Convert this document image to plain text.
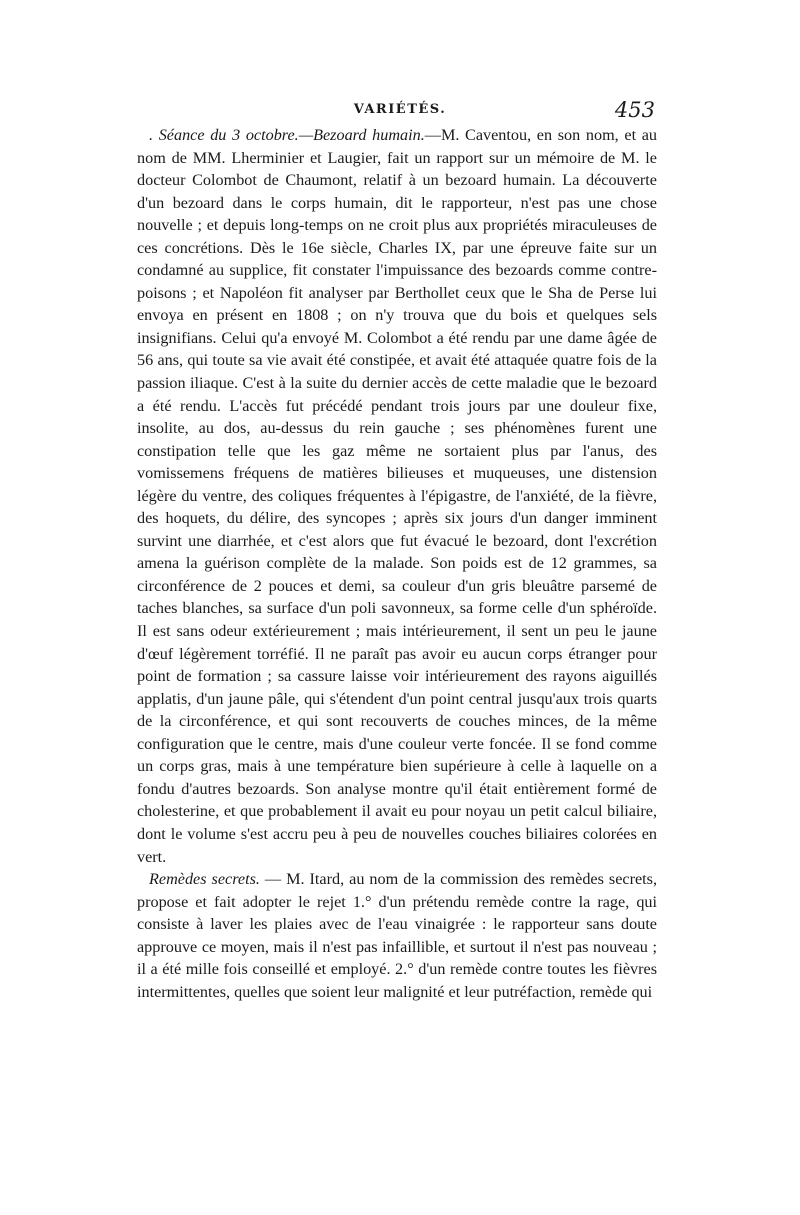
VARIÉTÉS.	453

. Séance du 3 octobre.—Bezoard humain.—M. Caventou, en son nom, et au nom de MM. Lherminier et Laugier, fait un rapport sur un mémoire de M. le docteur Colombot de Chaumont, relatif à un bezoard humain. La découverte d'un bezoard dans le corps humain, dit le rapporteur, n'est pas une chose nouvelle ; et depuis long-temps on ne croit plus aux propriétés miraculeuses de ces concrétions. Dès le 16e siècle, Charles IX, par une épreuve faite sur un condamné au supplice, fit constater l'impuissance des bezoards comme contre-poisons ; et Napoléon fit analyser par Berthollet ceux que le Sha de Perse lui envoya en présent en 1808 ; on n'y trouva que du bois et quelques sels insignifians. Celui qu'a envoyé M. Colombot a été rendu par une dame âgée de 56 ans, qui toute sa vie avait été constipée, et avait été attaquée quatre fois de la passion iliaque. C'est à la suite du dernier accès de cette maladie que le bezoard a été rendu. L'accès fut précédé pendant trois jours par une douleur fixe, insolite, au dos, au-dessus du rein gauche ; ses phénomènes furent une constipation telle que les gaz même ne sortaient plus par l'anus, des vomissemens fréquens de matières bilieuses et muqueuses, une distension légère du ventre, des coliques fréquentes à l'épigastre, de l'anxiété, de la fièvre, des hoquets, du délire, des syncopes ; après six jours d'un danger imminent survint une diarrhée, et c'est alors que fut évacué le bezoard, dont l'excrétion amena la guérison complète de la malade. Son poids est de 12 grammes, sa circonférence de 2 pouces et demi, sa couleur d'un gris bleuâtre parsemé de taches blanches, sa surface d'un poli savonneux, sa forme celle d'un sphéroïde. Il est sans odeur extérieurement ; mais intérieurement, il sent un peu le jaune d'œuf légèrement torréfié. Il ne paraît pas avoir eu aucun corps étranger pour point de formation ; sa cassure laisse voir intérieurement des rayons aiguillés applatis, d'un jaune pâle, qui s'étendent d'un point central jusqu'aux trois quarts de la circonférence, et qui sont recouverts de couches minces, de la même configuration que le centre, mais d'une couleur verte foncée. Il se fond comme un corps gras, mais à une température bien supérieure à celle à laquelle on a fondu d'autres bezoards. Son analyse montre qu'il était entièrement formé de cholesterine, et que probablement il avait eu pour noyau un petit calcul biliaire, dont le volume s'est accru peu à peu de nouvelles couches biliaires colorées en vert.

Remèdes secrets. — M. Itard, au nom de la commission des remèdes secrets, propose et fait adopter le rejet 1.° d'un prétendu remède contre la rage, qui consiste à laver les plaies avec de l'eau vinaigrée : le rapporteur sans doute approuve ce moyen, mais il n'est pas infaillible, et surtout il n'est pas nouveau ; il a été mille fois conseillé et employé. 2.° d'un remède contre toutes les fièvres intermittentes, quelles que soient leur malignité et leur putréfaction, remède qui
